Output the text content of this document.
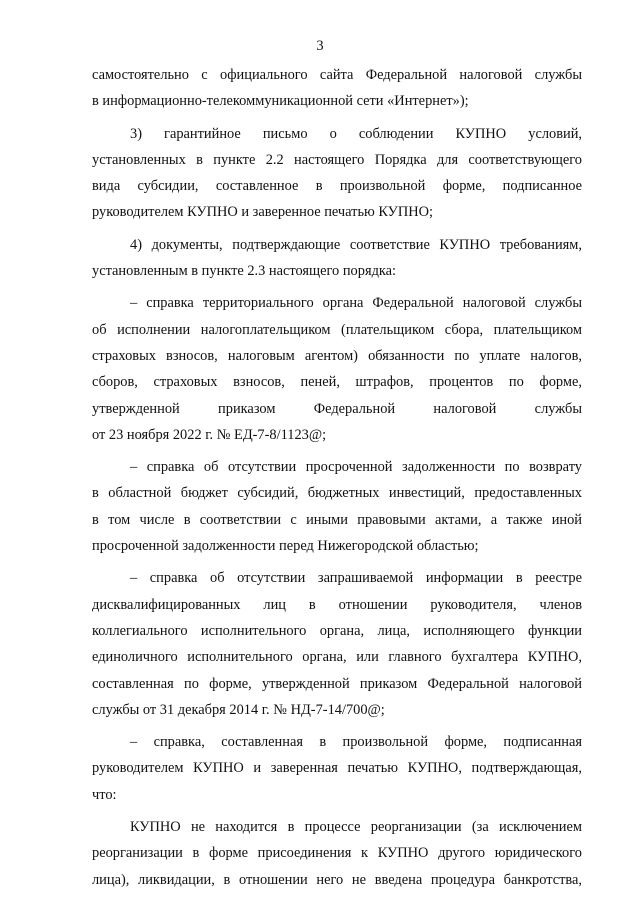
3
самостоятельно с официального сайта Федеральной налоговой службы
в информационно-телекоммуникационной сети «Интернет»);
3) гарантийное письмо о соблюдении КУПНО условий,
установленных в пункте 2.2 настоящего Порядка для соответствующего
вида субсидии, составленное в произвольной форме, подписанное
руководителем КУПНО и заверенное печатью КУПНО;
4) документы, подтверждающие соответствие КУПНО требованиям,
установленным в пункте 2.3 настоящего порядка:
– справка территориального органа Федеральной налоговой службы
об исполнении налогоплательщиком (плательщиком сбора, плательщиком
страховых взносов, налоговым агентом) обязанности по уплате налогов,
сборов, страховых взносов, пеней, штрафов, процентов по форме,
утвержденной приказом Федеральной налоговой службы
от 23 ноября 2022 г. № ЕД-7-8/1123@;
– справка об отсутствии просроченной задолженности по возврату
в областной бюджет субсидий, бюджетных инвестиций, предоставленных
в том числе в соответствии с иными правовыми актами, а также иной
просроченной задолженности перед Нижегородской областью;
– справка об отсутствии запрашиваемой информации в реестре
дисквалифицированных лиц в отношении руководителя, членов
коллегиального исполнительного органа, лица, исполняющего функции
единоличного исполнительного органа, или главного бухгалтера КУПНО,
составленная по форме, утвержденной приказом Федеральной налоговой
службы от 31 декабря 2014 г. № НД-7-14/700@;
– справка, составленная в произвольной форме, подписанная
руководителем КУПНО и заверенная печатью КУПНО, подтверждающая,
что:
КУПНО не находится в процессе реорганизации (за исключением
реорганизации в форме присоединения к КУПНО другого юридического
лица), ликвидации, в отношении него не введена процедура банкротства,
